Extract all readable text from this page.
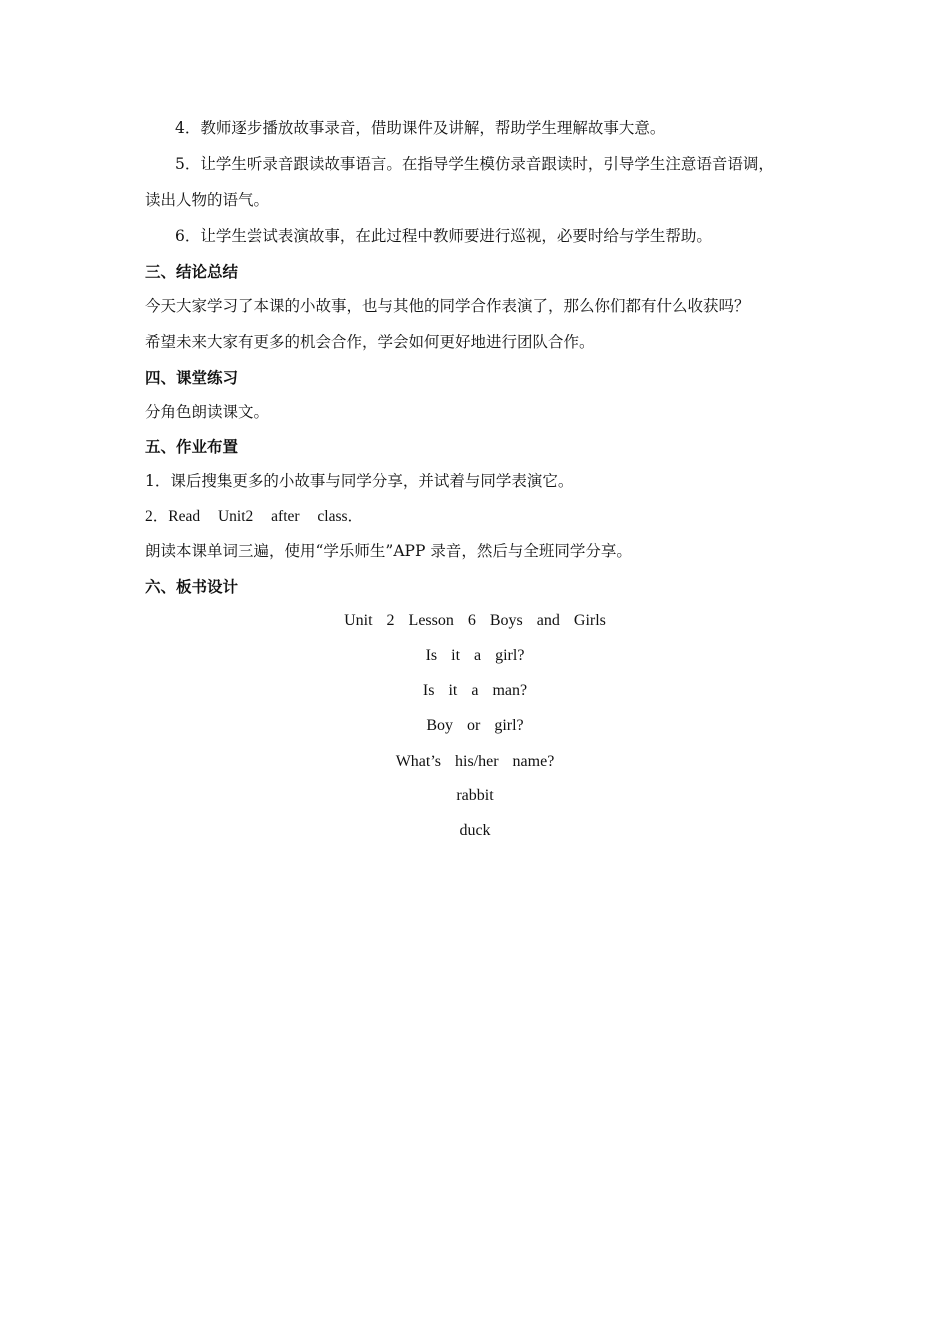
4．教师逐步播放故事录音，借助课件及讲解，帮助学生理解故事大意。
5．让学生听录音跟读故事语言。在指导学生模仿录音跟读时，引导学生注意语音语调，
读出人物的语气。
6．让学生尝试表演故事，在此过程中教师要进行巡视，必要时给与学生帮助。
三、结论总结
今天大家学习了本课的小故事，也与其他的同学合作表演了，那么你们都有什么收获吗？
希望未来大家有更多的机会合作，学会如何更好地进行团队合作。
四、课堂练习
分角色朗读课文。
五、作业布置
1．课后搜集更多的小故事与同学分享，并试着与同学表演它。
2．Read Unit2 after class．
朗读本课单词三遍，使用“学乐师生”APP 录音，然后与全班同学分享。
六、板书设计
Unit  2  Lesson  6  Boys  and  Girls
Is  it  a  girl?
Is  it  a  man?
Boy  or  girl?
What’s  his/her  name?
rabbit
duck
